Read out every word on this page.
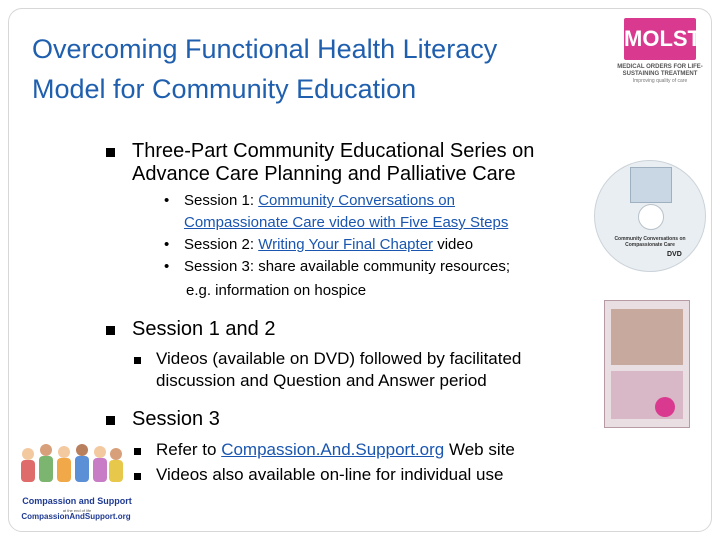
Overcoming Functional Health Literacy
Model for Community Education
MOLST
MEDICAL ORDERS FOR LIFE-SUSTAINING TREATMENT
Improving quality of care
Three-Part Community Educational Series on
Advance Care Planning and Palliative Care
• Session 1: Community Conversations on
Compassionate Care video with Five Easy Steps
• Session 2: Writing Your Final Chapter video
• Session 3: share available community resources;
e.g. information on hospice
Session 1 and 2
Videos (available on DVD) followed by facilitated
discussion and Question and Answer period
Session 3
Refer to Compassion.And.Support.org Web site
Videos also available on-line for individual use
Community Conversations on Compassionate Care
DVD
Compassion and Support
at the end of life
CompassionAndSupport.org
